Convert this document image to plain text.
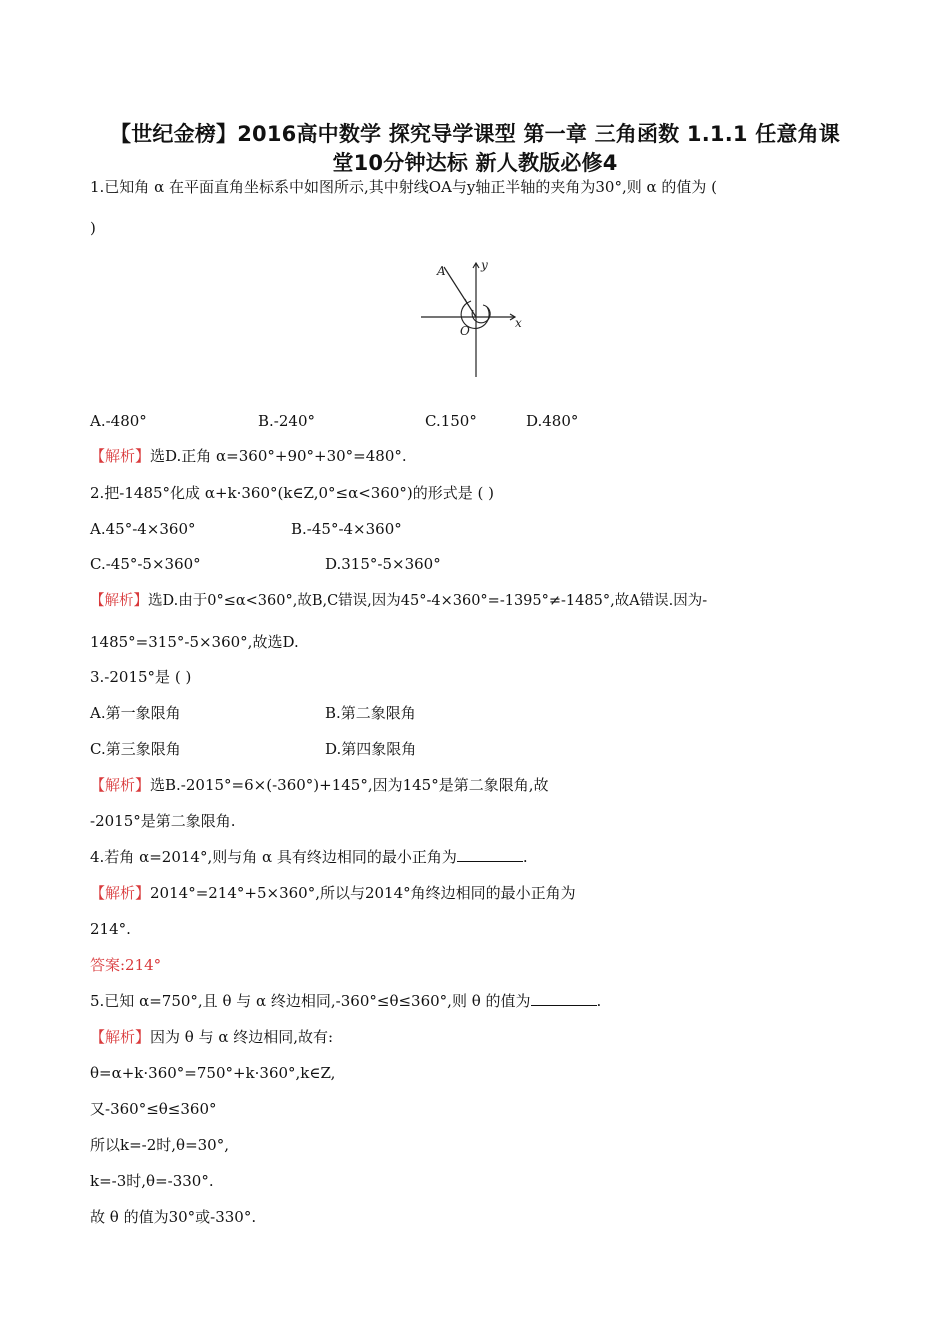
【世纪金榜】2016高中数学 探究导学课型 第一章 三角函数 1.1.1 任意角课
堂10分钟达标 新人教版必修4
1.已知角 α 在平面直角坐标系中如图所示,其中射线OA与y轴正半轴的夹角为30°,则 α 的值为 (
)
A	y
O
x
A.-480°	B.-240°	C.150°	D.480°
【解析】选D.正角 α=360°+90°+30°=480°.
2.把-1485°化成 α+k·360°(k∈Z,0°≤α<360°)的形式是 ( )
A.45°-4×360°	B.-45°-4×360°
C.-45°-5×360°	D.315°-5×360°
【解析】选D.由于0°≤α<360°,故B,C错误,因为45°-4×360°=-1395°≠-1485°,故A错误.因为-
1485°=315°-5×360°,故选D.
3.-2015°是 ( )
A.第一象限角	B.第二象限角
C.第三象限角	D.第四象限角
【解析】选B.-2015°=6×(-360°)+145°,因为145°是第二象限角,故
-2015°是第二象限角.
4.若角 α=2014°,则与角 α 具有终边相同的最小正角为	.
【解析】2014°=214°+5×360°,所以与2014°角终边相同的最小正角为
214°.
答案:214°
5.已知 α=750°,且 θ 与 α 终边相同,-360°≤θ≤360°,则 θ 的值为	.
【解析】因为 θ 与 α 终边相同,故有:
θ=α+k·360°=750°+k·360°,k∈Z,
又-360°≤θ≤360°
所以k=-2时,θ=30°,
k=-3时,θ=-330°.
故 θ 的值为30°或-330°.
